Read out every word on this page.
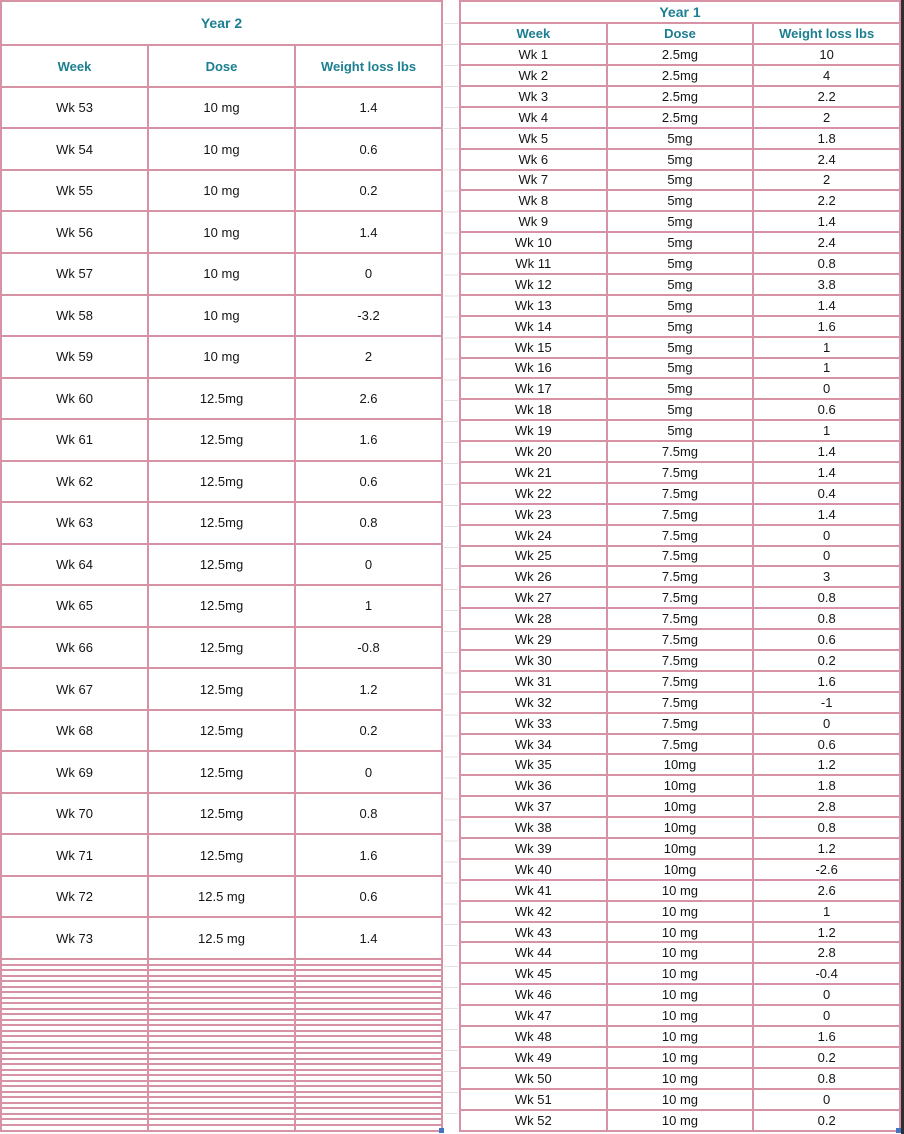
Year 2		
Week	Dose	Weight loss lbs
Wk 53	10 mg	1.4
Wk 54	10 mg	0.6
Wk 55	10 mg	0.2
Wk 56	10 mg	1.4
Wk 57	10 mg	0
Wk 58	10 mg	-3.2
Wk 59	10 mg	2
Wk 60	12.5mg	2.6
Wk 61	12.5mg	1.6
Wk 62	12.5mg	0.6
Wk 63	12.5mg	0.8
Wk 64	12.5mg	0
Wk 65	12.5mg	1
Wk 66	12.5mg	-0.8
Wk 67	12.5mg	1.2
Wk 68	12.5mg	0.2
Wk 69	12.5mg	0
Wk 70	12.5mg	0.8
Wk 71	12.5mg	1.6
Wk 72	12.5 mg	0.6
Wk 73	12.5 mg	1.4

Year 1		
Week	Dose	Weight loss lbs
Wk 1	2.5mg	10
Wk 2	2.5mg	4
Wk 3	2.5mg	2.2
Wk 4	2.5mg	2
Wk 5	5mg	1.8
Wk 6	5mg	2.4
Wk 7	5mg	2
Wk 8	5mg	2.2
Wk 9	5mg	1.4
Wk 10	5mg	2.4
Wk 11	5mg	0.8
Wk 12	5mg	3.8
Wk 13	5mg	1.4
Wk 14	5mg	1.6
Wk 15	5mg	1
Wk 16	5mg	1
Wk 17	5mg	0
Wk 18	5mg	0.6
Wk 19	5mg	1
Wk 20	7.5mg	1.4
Wk 21	7.5mg	1.4
Wk 22	7.5mg	0.4
Wk 23	7.5mg	1.4
Wk 24	7.5mg	0
Wk 25	7.5mg	0
Wk 26	7.5mg	3
Wk 27	7.5mg	0.8
Wk 28	7.5mg	0.8
Wk 29	7.5mg	0.6
Wk 30	7.5mg	0.2
Wk 31	7.5mg	1.6
Wk 32	7.5mg	-1
Wk 33	7.5mg	0
Wk 34	7.5mg	0.6
Wk 35	10mg	1.2
Wk 36	10mg	1.8
Wk 37	10mg	2.8
Wk 38	10mg	0.8
Wk 39	10mg	1.2
Wk 40	10mg	-2.6
Wk 41	10 mg	2.6
Wk 42	10 mg	1
Wk 43	10 mg	1.2
Wk 44	10 mg	2.8
Wk 45	10 mg	-0.4
Wk 46	10 mg	0
Wk 47	10 mg	0
Wk 48	10 mg	1.6
Wk 49	10 mg	0.2
Wk 50	10 mg	0.8
Wk 51	10 mg	0
Wk 52	10 mg	0.2
